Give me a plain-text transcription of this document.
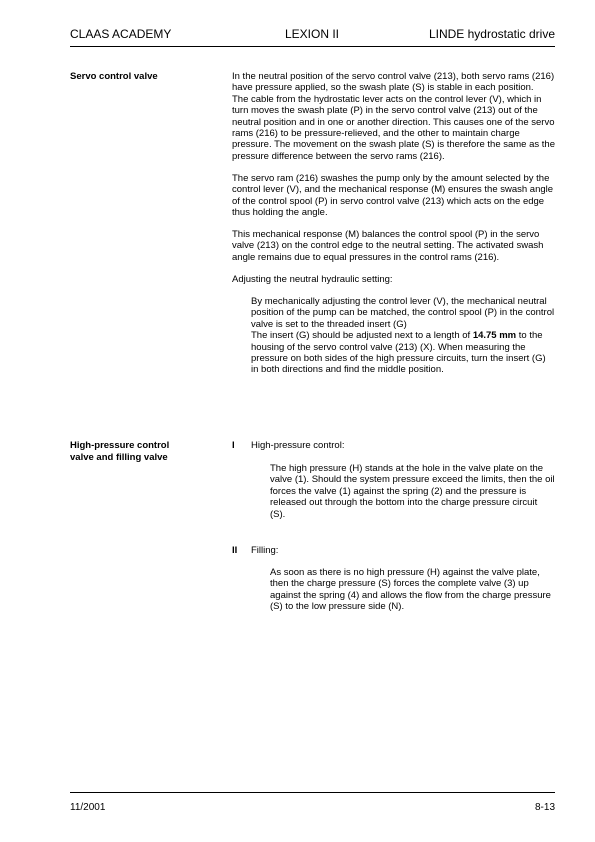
CLAAS ACADEMY	LEXION II	LINDE hydrostatic drive
Servo control valve	In the neutral position of the servo control valve (213), both servo rams (216) have pressure applied, so the swash plate (S) is stable in each position.

The cable from the hydrostatic lever acts on the control lever (V), which in turn moves the swash plate (P) in the servo control valve (213) out of the neutral position and in one or another direction. This causes one of the servo rams (216) to be pressure-relieved, and the other to maintain charge pressure. The movement on the swash plate (S) is therefore the same as the pressure difference between the servo rams (216).

The servo ram (216) swashes the pump only by the amount selected by the control lever (V), and the mechanical response (M) ensures the swash angle of the control spool (P) in servo control valve (213) which acts on the edge thus holding the angle.

This mechanical response (M) balances the control spool (P) in the servo valve (213) on the control edge to the neutral setting. The activated swash angle remains due to equal pressures in the control rams (216).

Adjusting the neutral hydraulic setting:

By mechanically adjusting the control lever (V), the mechanical neutral position of the pump can be matched, the control spool (P) in the control valve is set to the threaded insert (G)

The insert (G) should be adjusted next to a length of 14.75 mm to the housing of the servo control valve (213) (X). When measuring the pressure on both sides of the high pressure circuits, turn the insert (G) in both directions and find the middle position.

High-pressure control
valve and filling valve
I High-pressure control:
The high pressure (H) stands at the hole in the valve plate on the valve (1). Should the system pressure exceed the limits, then the oil forces the valve (1) against the spring (2) and the pressure is released out through the bottom into the charge pressure circuit (S).
II Filling:
As soon as there is no high pressure (H) against the valve plate, then the charge pressure (S) forces the complete valve (3) up against the spring (4) and allows the flow from the charge pressure (S) to the low pressure side (N).
11/2001	8-13
